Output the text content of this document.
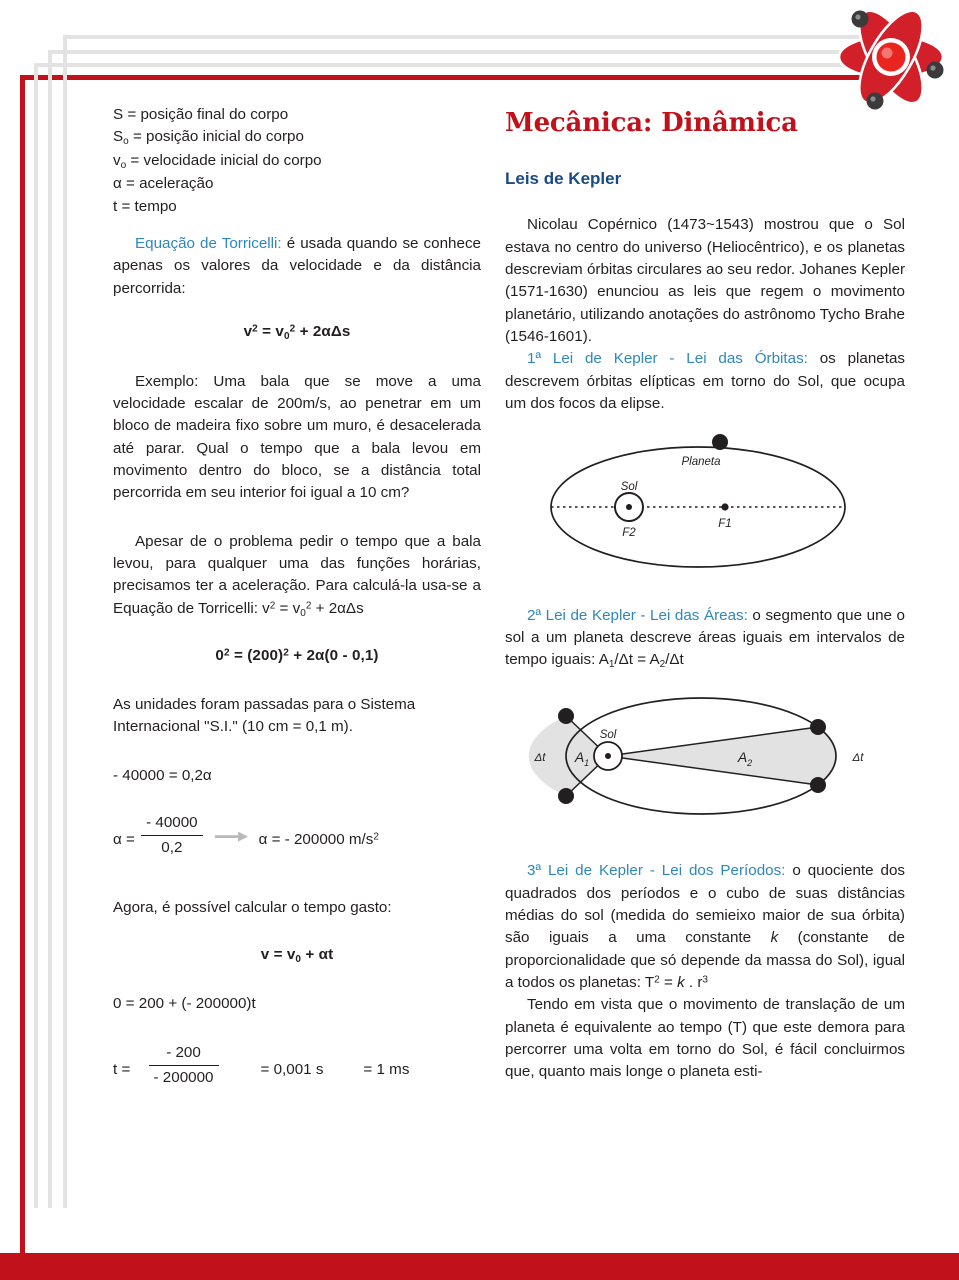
S = posição final do corpo

$S_o$ = posição inicial do corpo

$v_o$ = velocidade inicial do corpo

α = aceleração

t = tempo

Equação de Torricelli: é usada quando se conhece apenas os valores da velocidade e da distância percorrida:

$v^2 = v_0^2 + 2\alpha\Delta s$

Exemplo: Uma bala que se move a uma velocidade escalar de 200m/s, ao penetrar em um bloco de madeira fixo sobre um muro, é desacelerada até parar. Qual o tempo que a bala levou em movimento dentro do bloco, se a distância total percorrida em seu interior foi igual a 10 cm?

Apesar de o problema pedir o tempo que a bala levou, para qualquer uma das funções horárias, precisamos ter a aceleração. Para calculá-la usa-se a Equação de Torricelli: $v^2 = v_0^2 + 2\alpha\Delta s$

$0^2 = (200)^2 + 2\alpha(0 - 0,1)$

As unidades foram passadas para o Sistema Internacional "S.I." (10 cm = 0,1 m).

- 40000 = 0,2α

$\alpha = \frac{- 40000}{0,2}$	α = - 200000 $m/s^2$

Agora, é possível calcular o tempo gasto:

$v = v_0 + \alpha t$

0 = 200 + (- 200000)t

$t = \frac{- 200}{- 200000}$	= 0,001 s	= 1 ms

Mecânica: Dinâmica
Leis de Kepler

Nicolau Copérnico (1473~1543) mostrou que o Sol estava no centro do universo (Heliocêntrico), e os planetas descreviam órbitas circulares ao seu redor. Johanes Kepler (1571-1630) enunciou as leis que regem o movimento planetário, utilizando anotações do astrônomo Tycho Brahe (1546-1601).

1ª Lei de Kepler - Lei das Órbitas: os planetas descrevem órbitas elípticas em torno do Sol, que ocupa um dos focos da elipse.

Planeta
Sol
F2
F1

2ª Lei de Kepler - Lei das Áreas: o segmento que une o sol a um planeta descreve áreas iguais em intervalos de tempo iguais: $A_1/\Delta t = A_2/\Delta t$

Sol
$A_1$	$A_2$
Δt	Δt

3ª Lei de Kepler - Lei dos Períodos: o quociente dos quadrados dos períodos e o cubo de suas distâncias médias do sol (medida do semieixo maior de sua órbita) são iguais a uma constante k (constante de proporcionalidade que só depende da massa do Sol), igual a todos os planetas: $T^2 = k$ . $r^3$

Tendo em vista que o movimento de translação de um planeta é equivalente ao tempo (T) que este demora para percorrer uma volta em torno do Sol, é fácil concluirmos que, quanto mais longe o planeta esti-
